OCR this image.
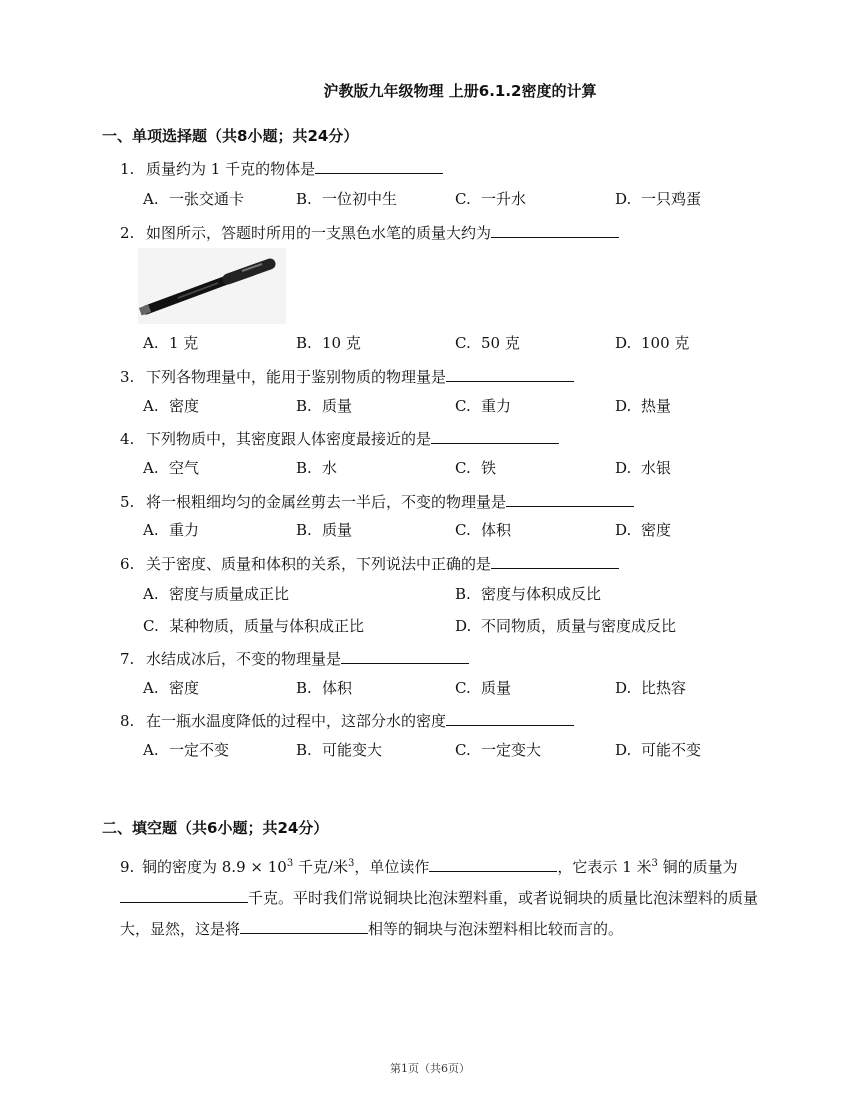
沪教版九年级物理 上册6.1.2密度的计算
一、单项选择题（共8小题；共24分）
1. 质量约为 1 千克的物体是
A. 一张交通卡	B. 一位初中生	C. 一升水	D. 一只鸡蛋
2. 如图所示，答题时所用的一支黑色水笔的质量大约为
A. 1 克	B. 10 克	C. 50 克	D. 100 克
3. 下列各物理量中，能用于鉴别物质的物理量是
A. 密度	B. 质量	C. 重力	D. 热量
4. 下列物质中，其密度跟人体密度最接近的是
A. 空气	B. 水	C. 铁	D. 水银
5. 将一根粗细均匀的金属丝剪去一半后，不变的物理量是
A. 重力	B. 质量	C. 体积	D. 密度
6. 关于密度、质量和体积的关系，下列说法中正确的是
A. 密度与质量成正比	B. 密度与体积成反比
C. 某种物质，质量与体积成正比	D. 不同物质，质量与密度成反比
7. 水结成冰后，不变的物理量是
A. 密度	B. 体积	C. 质量	D. 比热容
8. 在一瓶水温度降低的过程中，这部分水的密度
A. 一定不变	B. 可能变大	C. 一定变大	D. 可能不变
二、填空题（共6小题；共24分）
9. 铜的密度为 $8.9 \times 10^3$ 千克/米$^3$，单位读作	，它表示 1 米$^3$ 铜的质量为千克。平时我们常说铜块比泡沫塑料重，或者说铜块的质量比泡沫塑料的质量大，显然，这是将	相等的铜块与泡沫塑料相比较而言的。
第1页（共6页）
